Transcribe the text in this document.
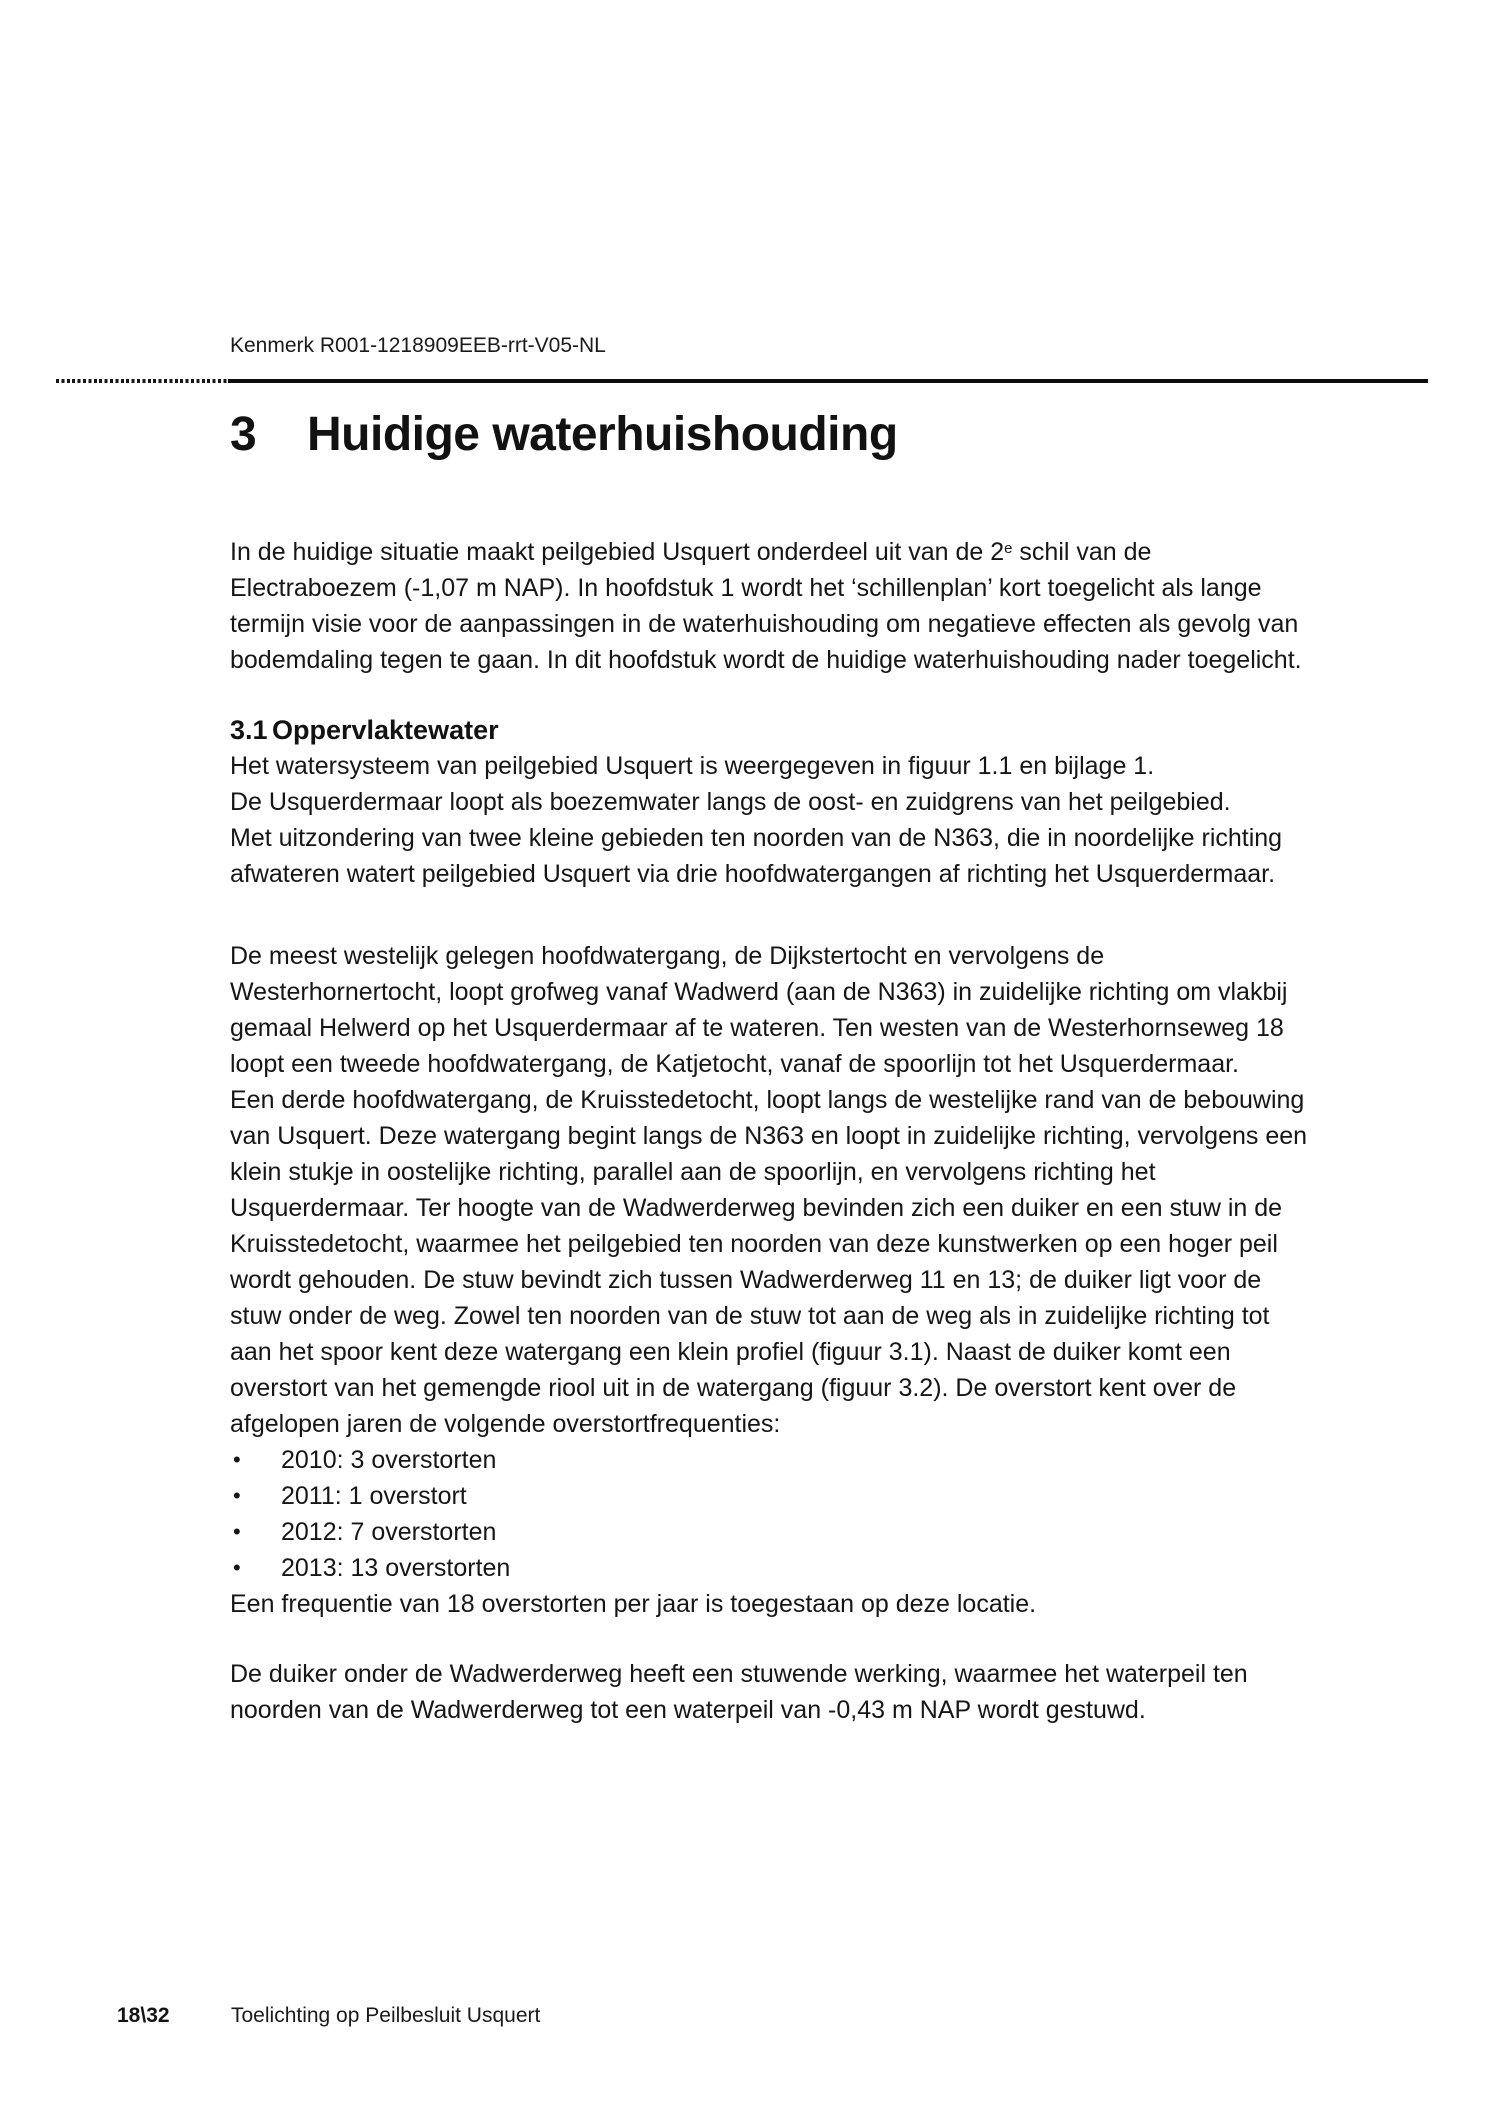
Kenmerk R001-1218909EEB-rrt-V05-NL
3 Huidige waterhuishouding
In de huidige situatie maakt peilgebied Usquert onderdeel uit van de 2e schil van de
Electraboezem (-1,07 m NAP). In hoofdstuk 1 wordt het ‘schillenplan’ kort toegelicht als lange
termijn visie voor de aanpassingen in de waterhuishouding om negatieve effecten als gevolg van
bodemdaling tegen te gaan. In dit hoofdstuk wordt de huidige waterhuishouding nader toegelicht.
3.1 Oppervlaktewater
Het watersysteem van peilgebied Usquert is weergegeven in figuur 1.1 en bijlage 1.
De Usquerdermaar loopt als boezemwater langs de oost- en zuidgrens van het peilgebied.
Met uitzondering van twee kleine gebieden ten noorden van de N363, die in noordelijke richting
afwateren watert peilgebied Usquert via drie hoofdwatergangen af richting het Usquerdermaar.
De meest westelijk gelegen hoofdwatergang, de Dijkstertocht en vervolgens de
Westerhornertocht, loopt grofweg vanaf Wadwerd (aan de N363) in zuidelijke richting om vlakbij
gemaal Helwerd op het Usquerdermaar af te wateren. Ten westen van de Westerhornseweg 18
loopt een tweede hoofdwatergang, de Katjetocht, vanaf de spoorlijn tot het Usquerdermaar.
Een derde hoofdwatergang, de Kruisstedetocht, loopt langs de westelijke rand van de bebouwing
van Usquert. Deze watergang begint langs de N363 en loopt in zuidelijke richting, vervolgens een
klein stukje in oostelijke richting, parallel aan de spoorlijn, en vervolgens richting het
Usquerdermaar. Ter hoogte van de Wadwerderweg bevinden zich een duiker en een stuw in de
Kruisstedetocht, waarmee het peilgebied ten noorden van deze kunstwerken op een hoger peil
wordt gehouden. De stuw bevindt zich tussen Wadwerderweg 11 en 13; de duiker ligt voor de
stuw onder de weg. Zowel ten noorden van de stuw tot aan de weg als in zuidelijke richting tot
aan het spoor kent deze watergang een klein profiel (figuur 3.1). Naast de duiker komt een
overstort van het gemengde riool uit in de watergang (figuur 3.2). De overstort kent over de
afgelopen jaren de volgende overstortfrequenties:
•	2010: 3 overstorten
•	2011: 1 overstort
•	2012: 7 overstorten
•	2013: 13 overstorten
Een frequentie van 18 overstorten per jaar is toegestaan op deze locatie.
De duiker onder de Wadwerderweg heeft een stuwende werking, waarmee het waterpeil ten
noorden van de Wadwerderweg tot een waterpeil van -0,43 m NAP wordt gestuwd.
18\32	Toelichting op Peilbesluit Usquert
